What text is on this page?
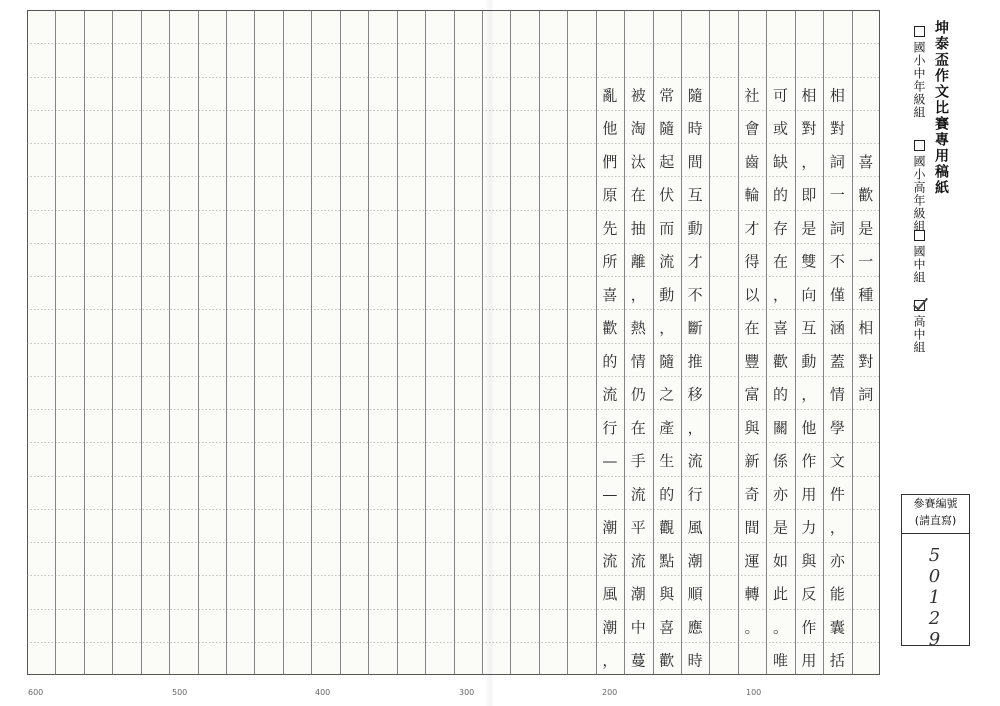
喜
歡
是
一
種
相
對
詞
相
對
詞
一
詞
不
僅
涵
蓋
情
學
文
件
，
亦
能
囊
括
相
對
，
即
是
雙
向
互
動
，
他
作
用
力
與
反
作
用
可
或
缺
的
存
在
，
喜
歡
的
關
係
亦
是
如
此
。
唯
社
會
齒
輪
才
得
以
在
豐
富
與
新
奇
間
運
轉
。
隨
時
間
互
動
才
不
斷
推
移
，
流
行
風
潮
順
應
時
常
隨
起
伏
而
流
動
，
隨
之
產
生
的
觀
點
與
喜
歡
被
淘
汰
在
抽
離
，
熱
情
仍
在
手
流
平
流
潮
中
蔓
亂
他
們
原
先
所
喜
歡
的
流
行
—
—
潮
流
風
潮
，
坤泰盃作文比賽專用稿紙
國小中年級組
國小高年級組
國中組
高中組
參賽編號
(請直寫)
50129
600	500	400	300	200	100
